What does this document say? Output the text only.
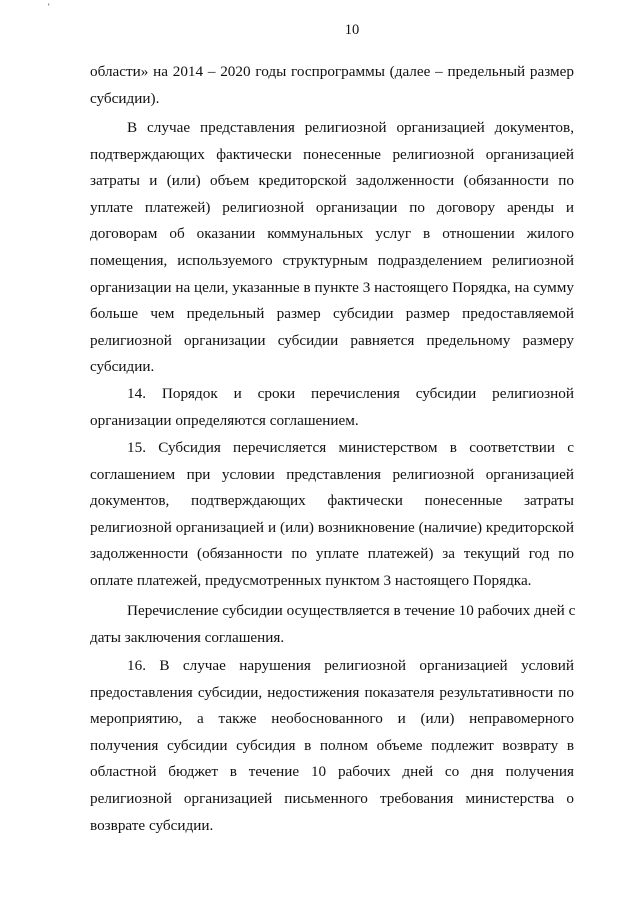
'
10
области» на 2014 – 2020 годы госпрограммы (далее – предельный размер
субсидии).
В случае представления религиозной организацией документов,
подтверждающих фактически понесенные религиозной организацией
затраты и (или) объем кредиторской задолженности (обязанности по
уплате платежей) религиозной организации по договору аренды и
договорам об оказании коммунальных услуг в отношении жилого
помещения, используемого структурным подразделением религиозной
организации на цели, указанные в пункте 3 настоящего Порядка, на сумму
больше чем предельный размер субсидии размер предоставляемой
религиозной организации субсидии равняется предельному размеру
субсидии.
14. Порядок и сроки перечисления субсидии религиозной
организации определяются соглашением.
15. Субсидия перечисляется министерством в соответствии с
соглашением при условии представления религиозной организацией
документов, подтверждающих фактически понесенные затраты
религиозной организацией и (или) возникновение (наличие) кредиторской
задолженности (обязанности по уплате платежей) за текущий год по
оплате платежей, предусмотренных пунктом 3 настоящего Порядка.
Перечисление субсидии осуществляется в течение 10 рабочих дней с
даты заключения соглашения.
16. В случае нарушения религиозной организацией условий
предоставления субсидии, недостижения показателя результативности по
мероприятию, а также необоснованного и (или) неправомерного
получения субсидии субсидия в полном объеме подлежит возврату в
областной бюджет в течение 10 рабочих дней со дня получения
религиозной организацией письменного требования министерства о
возврате субсидии.
